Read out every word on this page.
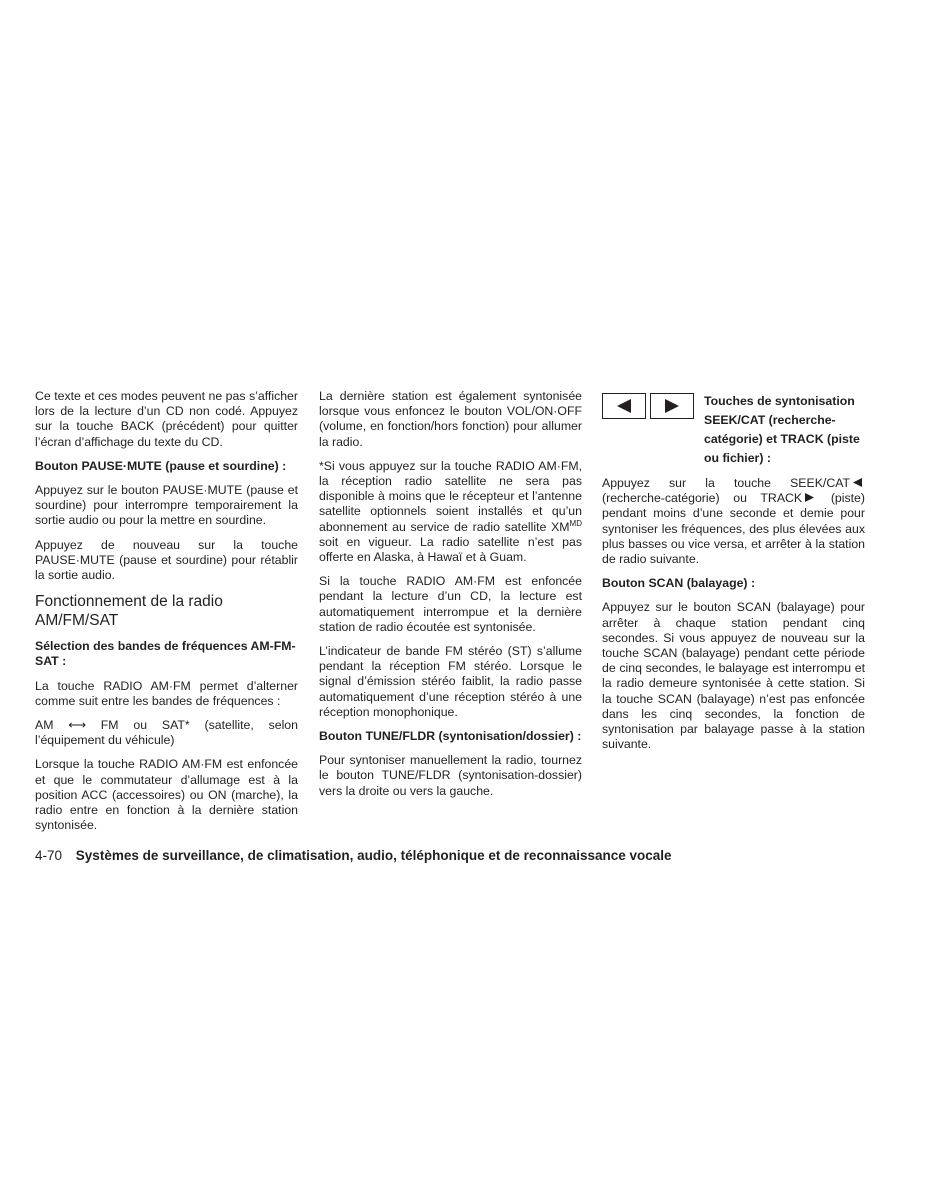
Ce texte et ces modes peuvent ne pas s’afficher lors de la lecture d’un CD non codé. Appuyez sur la touche BACK (précédent) pour quitter l’écran d’affichage du texte du CD.

Bouton PAUSE·MUTE (pause et sourdine) :

Appuyez sur le bouton PAUSE·MUTE (pause et sourdine) pour interrompre temporairement la sortie audio ou pour la mettre en sourdine.

Appuyez de nouveau sur la touche PAUSE·MUTE (pause et sourdine) pour rétablir la sortie audio.

Fonctionnement de la radio AM/FM/SAT
Sélection des bandes de fréquences AM-FM-SAT :

La touche RADIO AM·FM permet d’alterner comme suit entre les bandes de fréquences :

AM ⟷ FM ou SAT* (satellite, selon l’équipement du véhicule)

Lorsque la touche RADIO AM·FM est enfoncée et que le commutateur d’allumage est à la position ACC (accessoires) ou ON (marche), la radio entre en fonction à la dernière station syntonisée.

La dernière station est également syntonisée lorsque vous enfoncez le bouton VOL/ON·OFF (volume, en fonction/hors fonction) pour allumer la radio.

*Si vous appuyez sur la touche RADIO AM·FM, la réception radio satellite ne sera pas disponible à moins que le récepteur et l’antenne satellite optionnels soient installés et qu’un abonnement au service de radio satellite $XM^{MD}$ soit en vigueur. La radio satellite n’est pas offerte en Alaska, à Hawaï et à Guam.

Si la touche RADIO AM·FM est enfoncée pendant la lecture d’un CD, la lecture est automatiquement interrompue et la dernière station de radio écoutée est syntonisée.

L’indicateur de bande FM stéréo (ST) s’allume pendant la réception FM stéréo. Lorsque le signal d’émission stéréo faiblit, la radio passe automatiquement d’une réception stéréo à une réception monophonique.

Bouton TUNE/FLDR (syntonisation/dossier) :

Pour syntoniser manuellement la radio, tournez le bouton TUNE/FLDR (syntonisation-dossier) vers la droite ou vers la gauche.

Touches de syntonisation SEEK/CAT (recherche-catégorie) et TRACK (piste ou fichier) :

Appuyez sur la touche SEEK/CAT (recherche-catégorie) ou TRACK (piste) pendant moins d’une seconde et demie pour syntoniser les fréquences, des plus élevées aux plus basses ou vice versa, et arrêter à la station de radio suivante.

Bouton SCAN (balayage) :

Appuyez sur le bouton SCAN (balayage) pour arrêter à chaque station pendant cinq secondes. Si vous appuyez de nouveau sur la touche SCAN (balayage) pendant cette période de cinq secondes, le balayage est interrompu et la radio demeure syntonisée à cette station. Si la touche SCAN (balayage) n’est pas enfoncée dans les cinq secondes, la fonction de syntonisation par balayage passe à la station suivante.

4-70 Systèmes de surveillance, de climatisation, audio, téléphonique et de reconnaissance vocale
